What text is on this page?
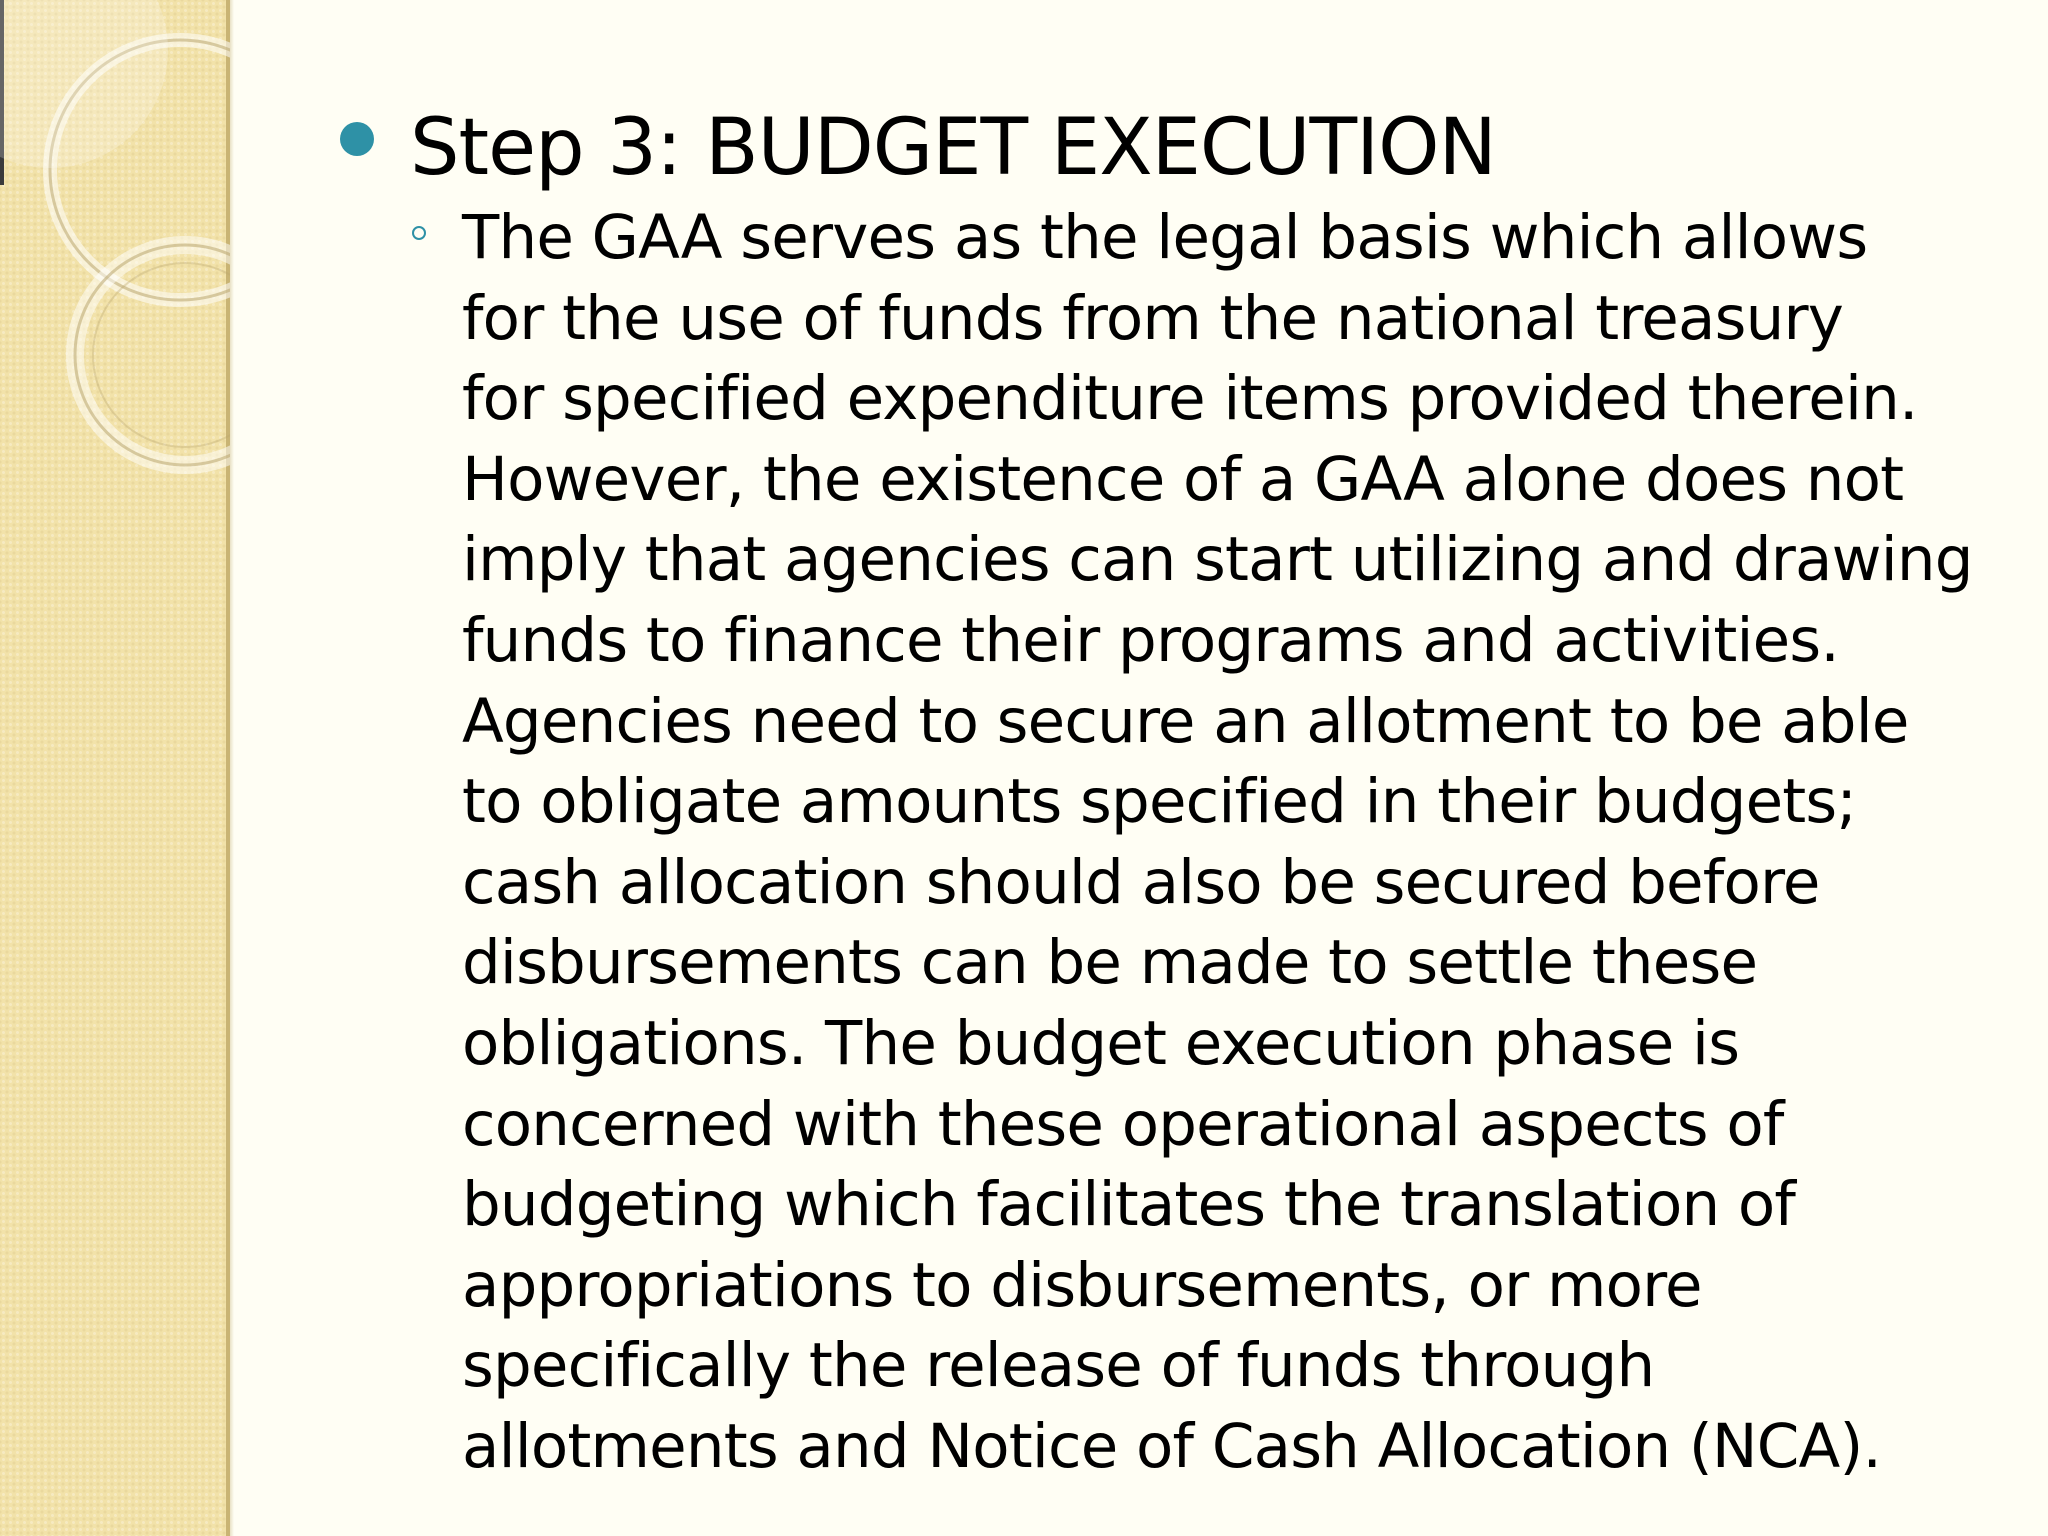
Step 3: BUDGET EXECUTION
The GAA serves as the legal basis which allows
for the use of funds from the national treasury
for specified expenditure items provided therein.
However, the existence of a GAA alone does not
imply that agencies can start utilizing and drawing
funds to finance their programs and activities.
Agencies need to secure an allotment to be able
to obligate amounts specified in their budgets;
cash allocation should also be secured before
disbursements can be made to settle these
obligations. The budget execution phase is
concerned with these operational aspects of
budgeting which facilitates the translation of
appropriations to disbursements, or more
specifically the release of funds through
allotments and Notice of Cash Allocation (NCA).
